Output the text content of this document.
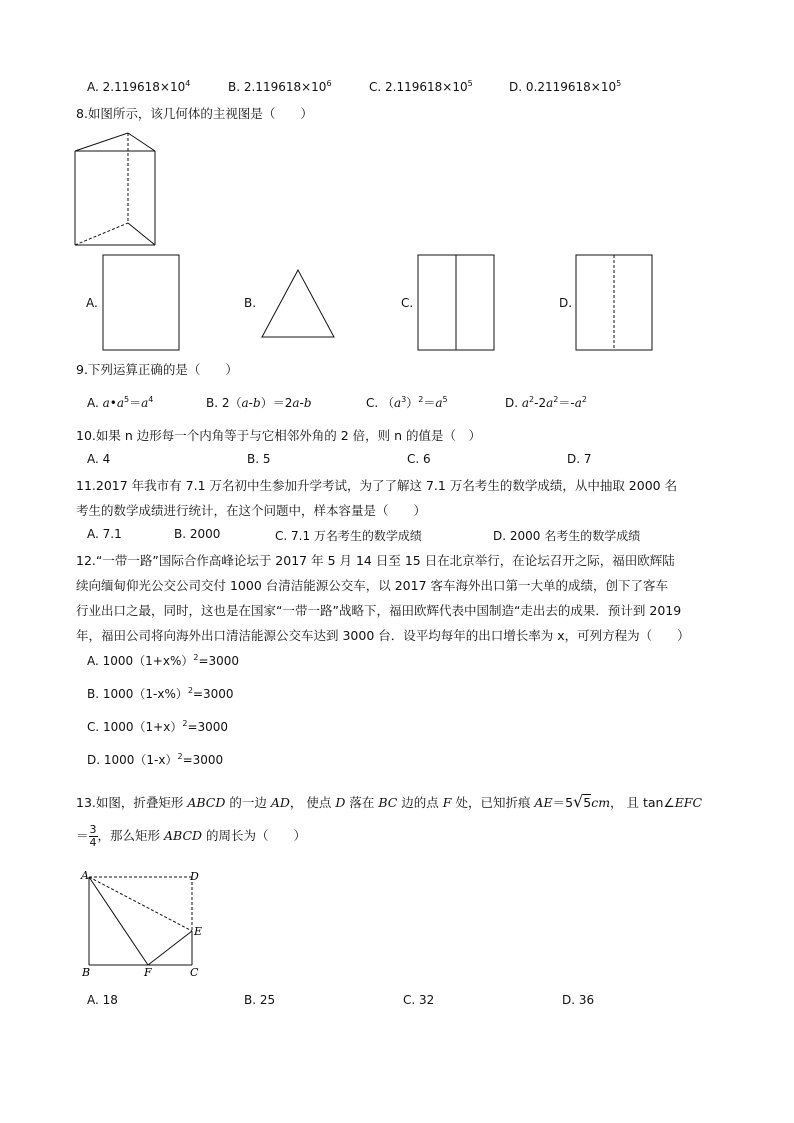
A. $2.119618\times 10^4$	B. $2.119618\times 10^6$	C. $2.119618\times 10^5$	D. $0.2119618\times 10^5$
8.如图所示，该几何体的主视图是（　　）
A.	B.	C.	D.
9.下列运算正确的是（　　）
A. $a•a^5=a^4$	B. 2（a-b）＝2a-b	C. $(a^3)^2=a^5$	D. $a^2-2a^2=-a^2$
10.如果 n 边形每一个内角等于与它相邻外角的 2 倍，则 n 的值是（　）
A. 4	B. 5	C. 6	D. 7
11.2017 年我市有 7.1 万名初中生参加升学考试，为了了解这 7.1 万名考生的数学成绩，从中抽取 2000 名
考生的数学成绩进行统计，在这个问题中，样本容量是（　　）
A. 7.1	B. 2000	C. 7.1 万名考生的数学成绩	D. 2000 名考生的数学成绩
12.“一带一路”国际合作高峰论坛于 2017 年 5 月 14 日至 15 日在北京举行，在论坛召开之际，福田欧辉陆
续向缅甸仰光公交公司交付 1000 台清洁能源公交车，以 2017 客车海外出口第一大单的成绩，创下了客车
行业出口之最，同时，这也是在国家“一带一路”战略下，福田欧辉代表中国制造“走出去的成果．预计到 2019
年，福田公司将向海外出口清洁能源公交车达到 3000 台．设平均每年的出口增长率为 x，可列方程为（　　）
A. $1000(1+x\%)^2=3000$
B. $1000(1-x\%)^2=3000$
C. $1000(1+x)^2=3000$
D. $1000(1-x)^2=3000$
13.如图，折叠矩形 ABCD 的一边 AD， 使点 D 落在 BC 边的点 F 处，已知折痕 AE＝5√5cm， 且 tan∠EFC
＝ $\frac{3}{4}$ ，那么矩形 ABCD 的周长为（　　）
A	D
E
B	F	C
A. 18	B. 25	C. 32	D. 36
